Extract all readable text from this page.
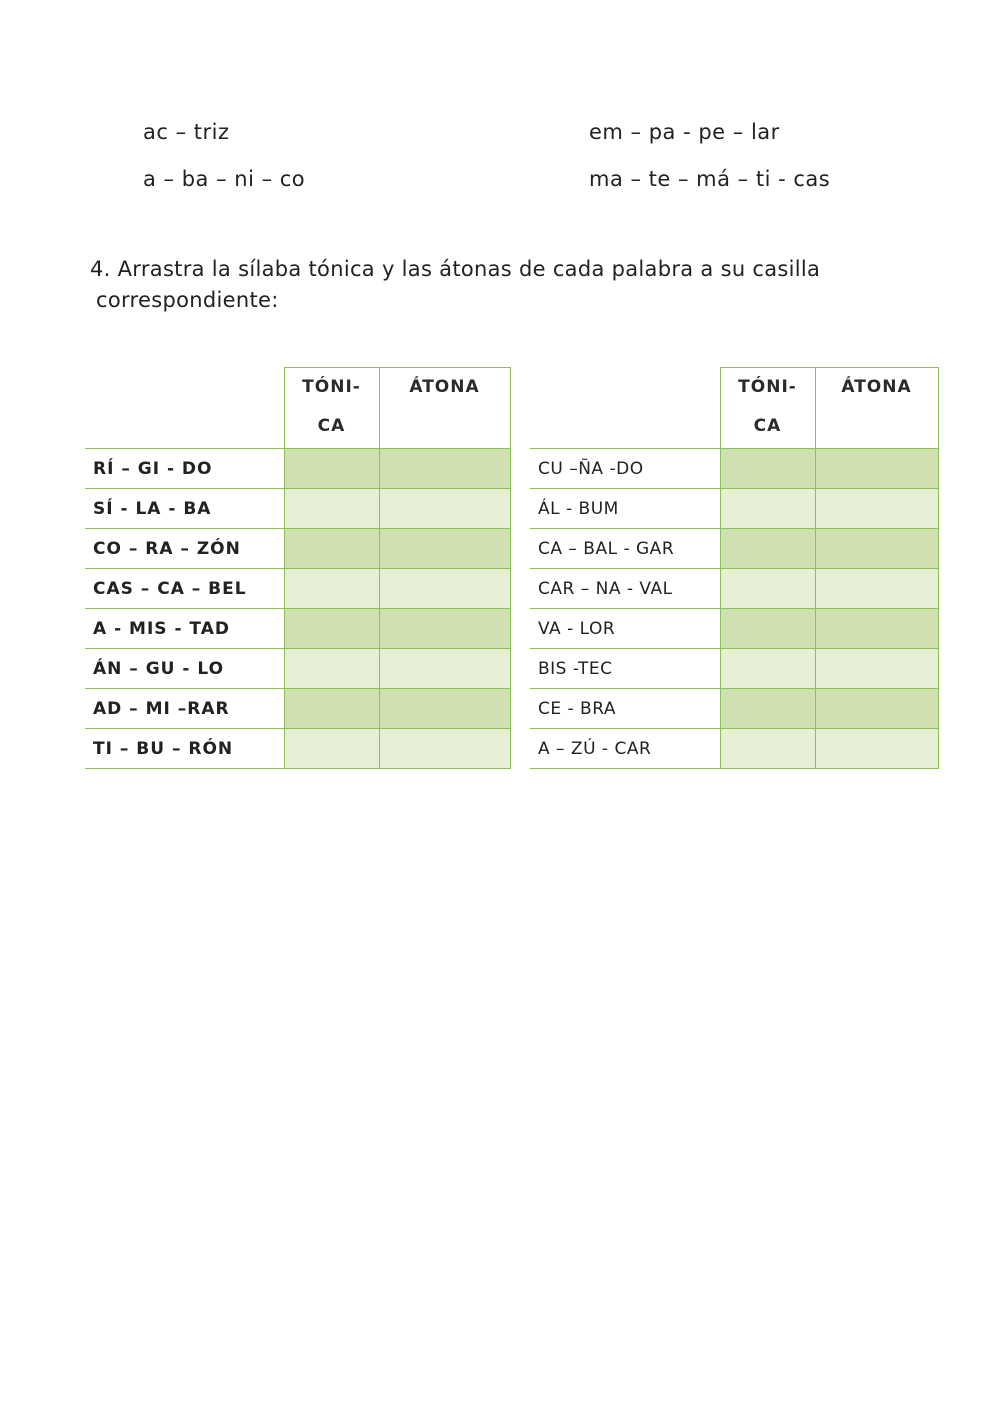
ac – triz
a – ba – ni – co
em – pa - pe – lar
ma – te – má – ti - cas
4. Arrastra la sílaba tónica y las átonas de cada palabra a su casilla
correspondiente:

	TÓNI- CA	ÁTONA

RÍ – GI - DO		
SÍ - LA - BA		
CO – RA – ZÓN		
CAS – CA – BEL		
A - MIS - TAD		
ÁN – GU - LO		
AD – MI –RAR		
TI – BU – RÓN		

	TÓNI- CA	ÁTONA

CU –ÑA -DO		
ÁL - BUM		
CA – BAL - GAR		
CAR – NA - VAL		
VA - LOR		
BIS -TEC		
CE - BRA		
A – ZÚ - CAR		
